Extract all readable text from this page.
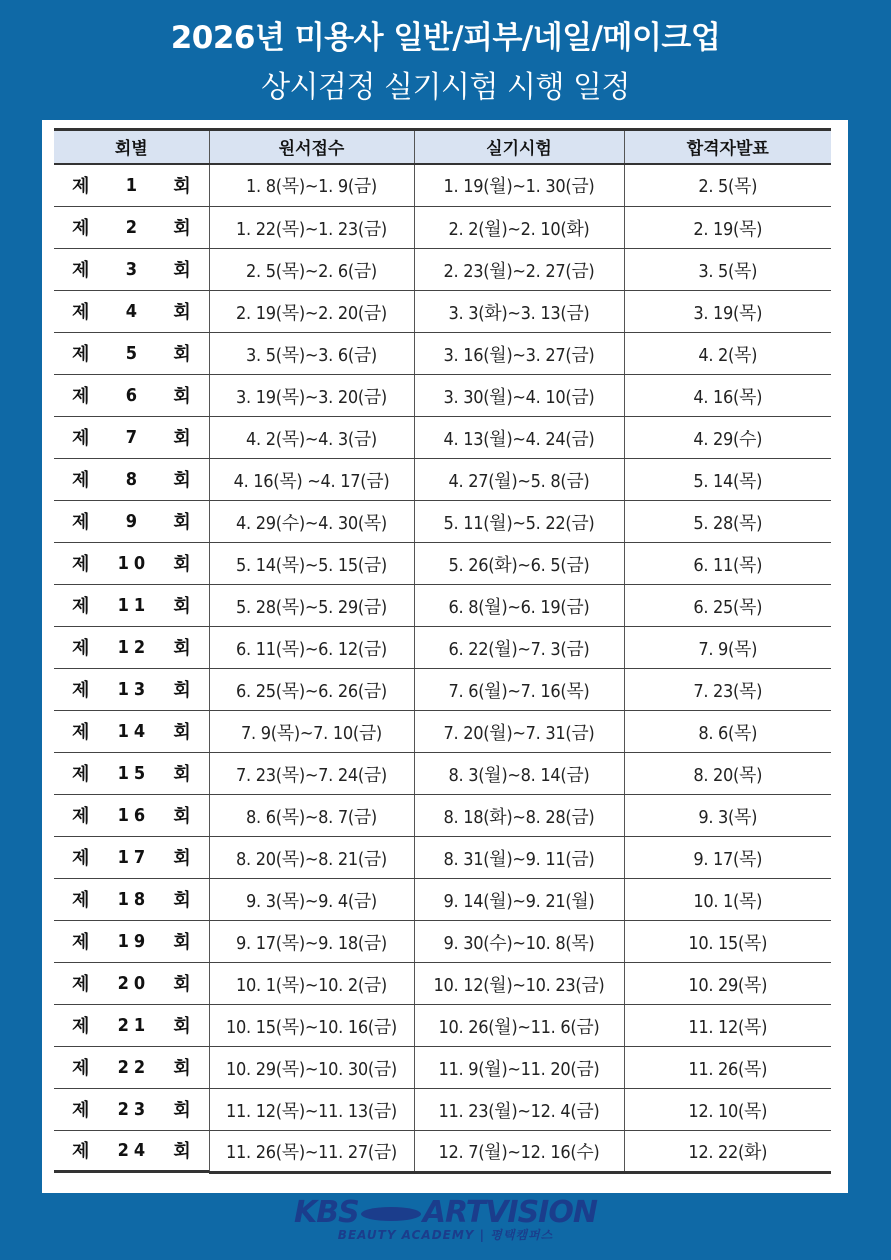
2026년 미용사 일반/피부/네일/메이크업
상시검정 실기시험 시행 일정
회별	원서접수	실기시험	합격자발표

제 1 회	1. 8(목)~1. 9(금)	1. 19(월)~1. 30(금)	2. 5(목)

제 2 회	1. 22(목)~1. 23(금)	2. 2(월)~2. 10(화)	2. 19(목)

제 3 회	2. 5(목)~2. 6(금)	2. 23(월)~2. 27(금)	3. 5(목)

제 4 회	2. 19(목)~2. 20(금)	3. 3(화)~3. 13(금)	3. 19(목)

제 5 회	3. 5(목)~3. 6(금)	3. 16(월)~3. 27(금)	4. 2(목)

제 6 회	3. 19(목)~3. 20(금)	3. 30(월)~4. 10(금)	4. 16(목)

제 7 회	4. 2(목)~4. 3(금)	4. 13(월)~4. 24(금)	4. 29(수)

제 8 회 4. 16(목) ~4. 17(금)	4. 27(월)~5. 8(금)	5. 14(목)

제 9 회	4. 29(수)~4. 30(목)	5. 11(월)~5. 22(금)	5. 28(목)

제 1 0 회	5. 14(목)~5. 15(금)	5. 26(화)~6. 5(금)	6. 11(목)

제 1 1 회	5. 28(목)~5. 29(금)	6. 8(월)~6. 19(금)	6. 25(목)

제 1 2 회	6. 11(목)~6. 12(금)	6. 22(월)~7. 3(금)	7. 9(목)

제 1 3 회	6. 25(목)~6. 26(금)	7. 6(월)~7. 16(목)	7. 23(목)

제 1 4 회	7. 9(목)~7. 10(금)	7. 20(월)~7. 31(금)	8. 6(목)

제 1 5 회	7. 23(목)~7. 24(금)	8. 3(월)~8. 14(금)	8. 20(목)

제 1 6 회	8. 6(목)~8. 7(금)	8. 18(화)~8. 28(금)	9. 3(목)

제 1 7 회	8. 20(목)~8. 21(금)	8. 31(월)~9. 11(금)	9. 17(목)

제 1 8 회	9. 3(목)~9. 4(금)	9. 14(월)~9. 21(월)	10. 1(목)

제 1 9 회	9. 17(목)~9. 18(금)	9. 30(수)~10. 8(목)	10. 15(목)

제 2 0 회	10. 1(목)~10. 2(금)	10. 12(월)~10. 23(금)	10. 29(목)

제 2 1 회 10. 15(목)~10. 16(금)	10. 26(월)~11. 6(금)	11. 12(목)

제 2 2 회 10. 29(목)~10. 30(금)	11. 9(월)~11. 20(금)	11. 26(목)

제 2 3 회 11. 12(목)~11. 13(금)	11. 23(월)~12. 4(금)	12. 10(목)

제 2 4 회 11. 26(목)~11. 27(금)	12. 7(월)~12. 16(수)	12. 22(화)
KBS ARTVISION
BEAUTY ACADEMY | 평택캠퍼스
